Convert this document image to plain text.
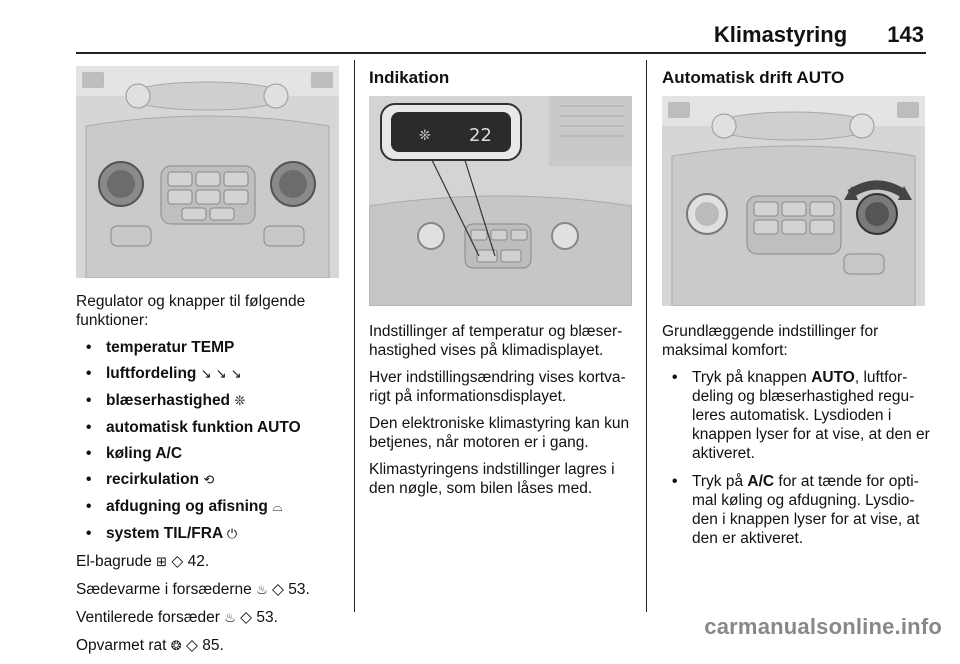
Klimastyring 143

Regulator og knapper til følgende funktioner:

• temperatur TEMP
• luftfordeling ↘ ↘ ↘
• blæserhastighed ❊
• automatisk funktion AUTO
• køling A/C
• recirkulation ⟲
• afdugning og afisning ⌓
• system TIL/FRA ⏻

El-bagrude ⊞ ◇ 42.

Sædevarme i forsæderne ♨ ◇ 53.

Ventilerede forsæder ♨ ◇ 53.

Opvarmet rat ❂ ◇ 85.

Indikation
❊ 22

Indstillinger af temperatur og blæser-hastighed vises på klimadisplayet.

Hver indstillingsændring vises kortva-rigt på informationsdisplayet.

Den elektroniske klimastyring kan kun betjenes, når motoren er i gang.

Klimastyringens indstillinger lagres i den nøgle, som bilen låses med.

Automatisk drift AUTO

Grundlæggende indstillinger for maksimal komfort:

• Tryk på knappen AUTO, luftfor-deling og blæserhastighed regu-leres automatisk. Lysdioden i knappen lyser for at vise, at den er aktiveret.
• Tryk på A/C for at tænde for opti-mal køling og afdugning. Lysdio-den i knappen lyser for at vise, at den er aktiveret.
carmanualsonline.info
